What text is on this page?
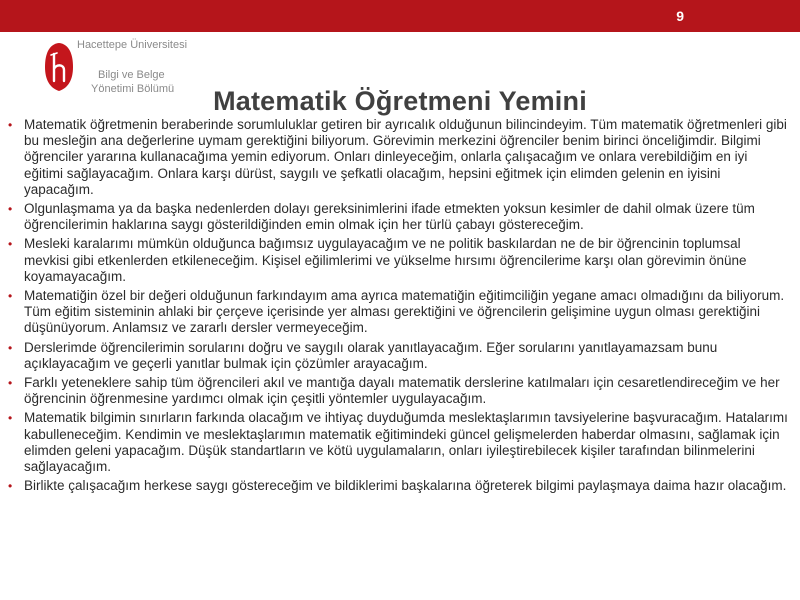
9
Hacettepe Üniversitesi
Bilgi ve Belge
Yönetimi Bölümü	Matematik Öğretmeni Yemini
• Matematik öğretmenin beraberinde sorumluluklar getiren bir ayrıcalık olduğunun bilincindeyim. Tüm matematik öğretmenleri gibi bu mesleğin ana değerlerine uymam gerektiğini biliyorum. Görevimin merkezini öğrenciler benim birinci önceliğimdir. Bilgimi öğrenciler yararına kullanacağıma yemin ediyorum. Onları dinleyeceğim, onlarla çalışacağım ve onlara verebildiğim en iyi eğitimi sağlayacağım. Onlara karşı dürüst, saygılı ve şefkatli olacağım, hepsini eğitmek için elimden gelenin en iyisini yapacağım.
• Olgunlaşmama ya da başka nedenlerden dolayı gereksinimlerini ifade etmekten yoksun kesimler de dahil olmak üzere tüm öğrencilerimin haklarına saygı gösterildiğinden emin olmak için her türlü çabayı göstereceğim.
• Mesleki karalarımı mümkün olduğunca bağımsız uygulayacağım ve ne politik baskılardan ne de bir öğrencinin toplumsal mevkisi gibi etkenlerden etkileneceğim. Kişisel eğilimlerimi ve yükselme hırsımı öğrencilerime karşı olan görevimin önüne koyamayacağım.
• Matematiğin özel bir değeri olduğunun farkındayım ama ayrıca matematiğin eğitimciliğin yegane amacı olmadığını da biliyorum. Tüm eğitim sisteminin ahlaki bir çerçeve içerisinde yer alması gerektiğini ve öğrencilerin gelişimine uygun olması gerektiğini düşünüyorum. Anlamsız ve zararlı dersler vermeyeceğim.
• Derslerimde öğrencilerimin sorularını doğru ve saygılı olarak yanıtlayacağım. Eğer sorularını yanıtlayamazsam bunu açıklayacağım ve geçerli yanıtlar bulmak için çözümler arayacağım.
• Farklı yeteneklere sahip tüm öğrencileri akıl ve mantığa dayalı matematik derslerine katılmaları için cesaretlendireceğim ve her öğrencinin öğrenmesine yardımcı olmak için çeşitli yöntemler uygulayacağım.
• Matematik bilgimin sınırların farkında olacağım ve ihtiyaç duyduğumda meslektaşlarımın tavsiyelerine başvuracağım. Hatalarımı kabulleneceğim. Kendimin ve meslektaşlarımın matematik eğitimindeki güncel gelişmelerden haberdar olmasını, sağlamak için elimden geleni yapacağım. Düşük standartların ve kötü uygulamaların, onları iyileştirebilecek kişiler tarafından bilinmelerini sağlayacağım.
• Birlikte çalışacağım herkese saygı göstereceğim ve bildiklerimi başkalarına öğreterek bilgimi paylaşmaya daima hazır olacağım.
